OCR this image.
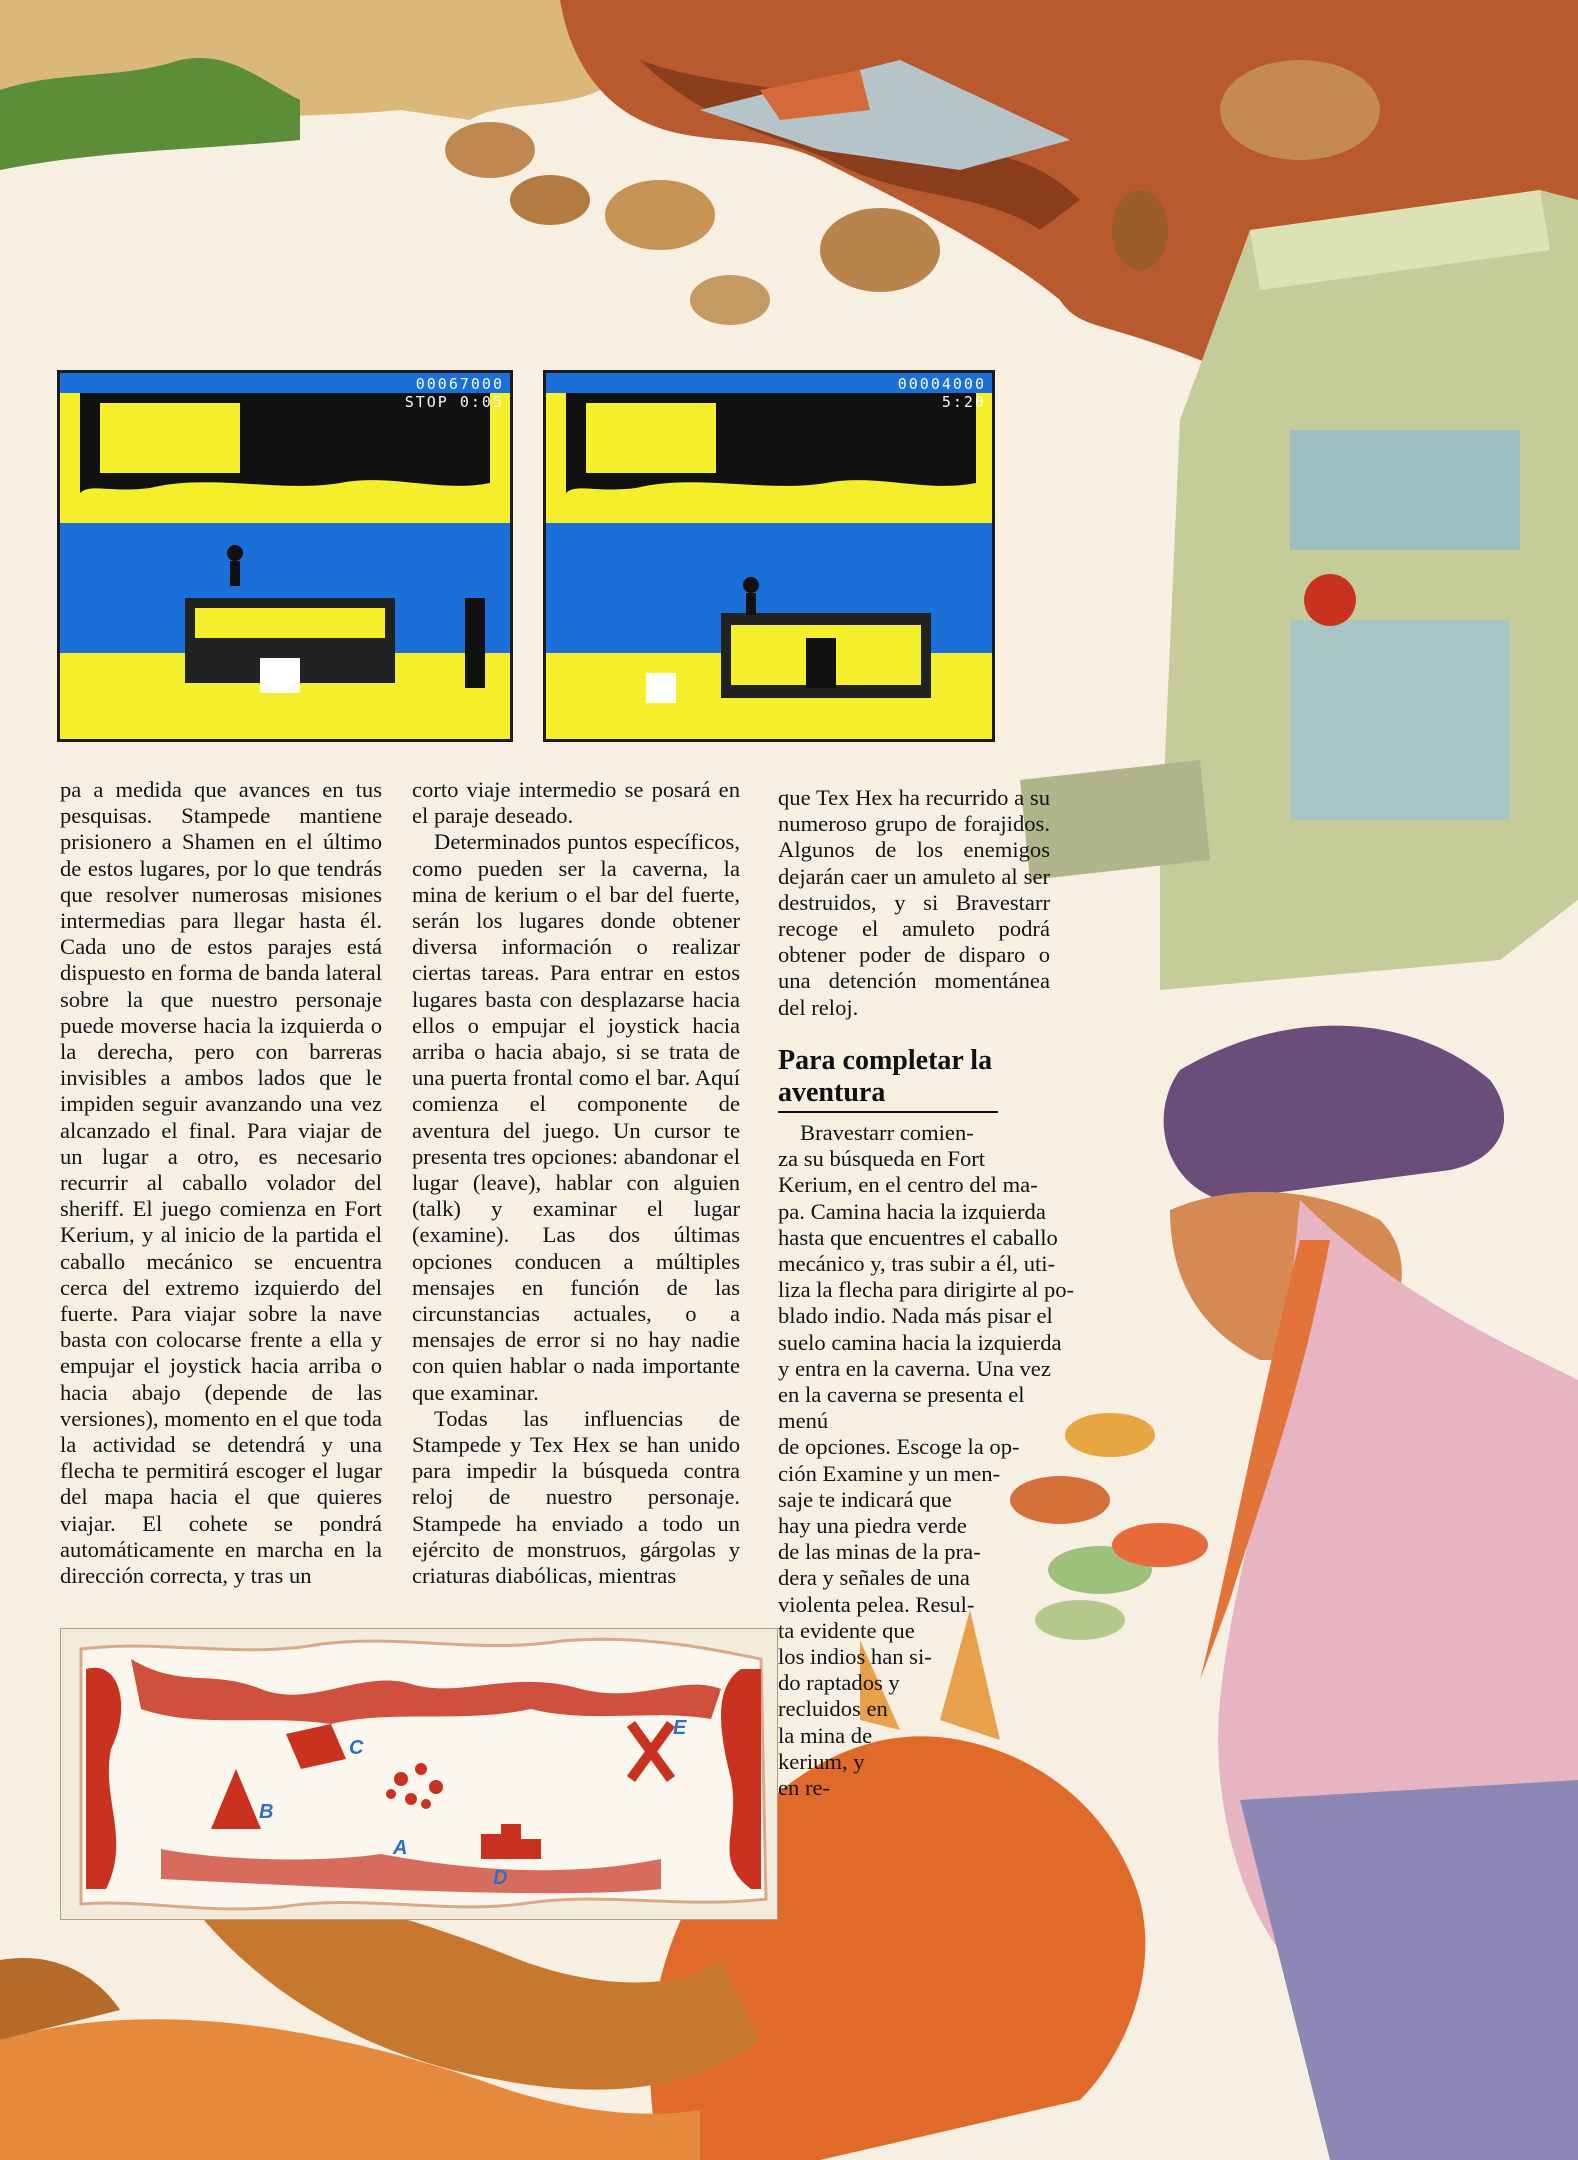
00067000
STOP 0:05
00004000
5:20

pa a medida que avances en tus pesquisas. Stampede mantiene prisionero a Shamen en el último de estos lugares, por lo que tendrás que resolver numerosas misiones intermedias para llegar hasta él. Cada uno de estos parajes está dispuesto en forma de banda lateral sobre la que nuestro personaje puede moverse hacia la izquierda o la derecha, pero con barreras invisibles a ambos lados que le impiden seguir avanzando una vez alcanzado el final. Para viajar de un lugar a otro, es necesario recurrir al caballo volador del sheriff. El juego comienza en Fort Kerium, y al inicio de la partida el caballo mecánico se encuentra cerca del extremo izquierdo del fuerte. Para viajar sobre la nave basta con colocarse frente a ella y empujar el joystick hacia arriba o hacia abajo (depende de las versiones), momento en el que toda la actividad se detendrá y una flecha te permitirá escoger el lugar del mapa hacia el que quieres viajar. El cohete se pondrá automáticamente en marcha en la dirección correcta, y tras un

corto viaje intermedio se posará en el paraje deseado.

Determinados puntos específicos, como pueden ser la caverna, la mina de kerium o el bar del fuerte, serán los lugares donde obtener diversa información o realizar ciertas tareas. Para entrar en estos lugares basta con desplazarse hacia ellos o empujar el joystick hacia arriba o hacia abajo, si se trata de una puerta frontal como el bar. Aquí comienza el componente de aventura del juego. Un cursor te presenta tres opciones: abandonar el lugar (leave), hablar con alguien (talk) y examinar el lugar (examine). Las dos últimas opciones conducen a múltiples mensajes en función de las circunstancias actuales, o a mensajes de error si no hay nadie con quien hablar o nada importante que examinar.

Todas las influencias de Stampede y Tex Hex se han unido para impedir la búsqueda contra reloj de nuestro personaje. Stampede ha enviado a todo un ejército de monstruos, gárgolas y criaturas diabólicas, mientras

que Tex Hex ha recurrido a su numeroso grupo de forajidos. Algunos de los enemigos dejarán caer un amuleto al ser destruidos, y si Bravestarr recoge el amuleto podrá obtener poder de disparo o una detención momentánea del reloj.

Para completar la aventura
Bravestarr comien-
za su búsqueda en Fort
Kerium, en el centro del ma-
pa. Camina hacia la izquierda
hasta que encuentres el caballo
mecánico y, tras subir a él, uti-
liza la flecha para dirigirte al po-
blado indio. Nada más pisar el
suelo camina hacia la izquierda
y entra en la caverna. Una vez
en la caverna se presenta el menú
de opciones. Escoge la op-
ción Examine y un men-
saje te indicará que
hay una piedra verde
de las minas de la pra-
dera y señales de una
violenta pelea. Resul-
ta evidente que
los indios han si-
do raptados y
recluidos en
la mina de
kerium, y
en re-
B
C
A
D
E
